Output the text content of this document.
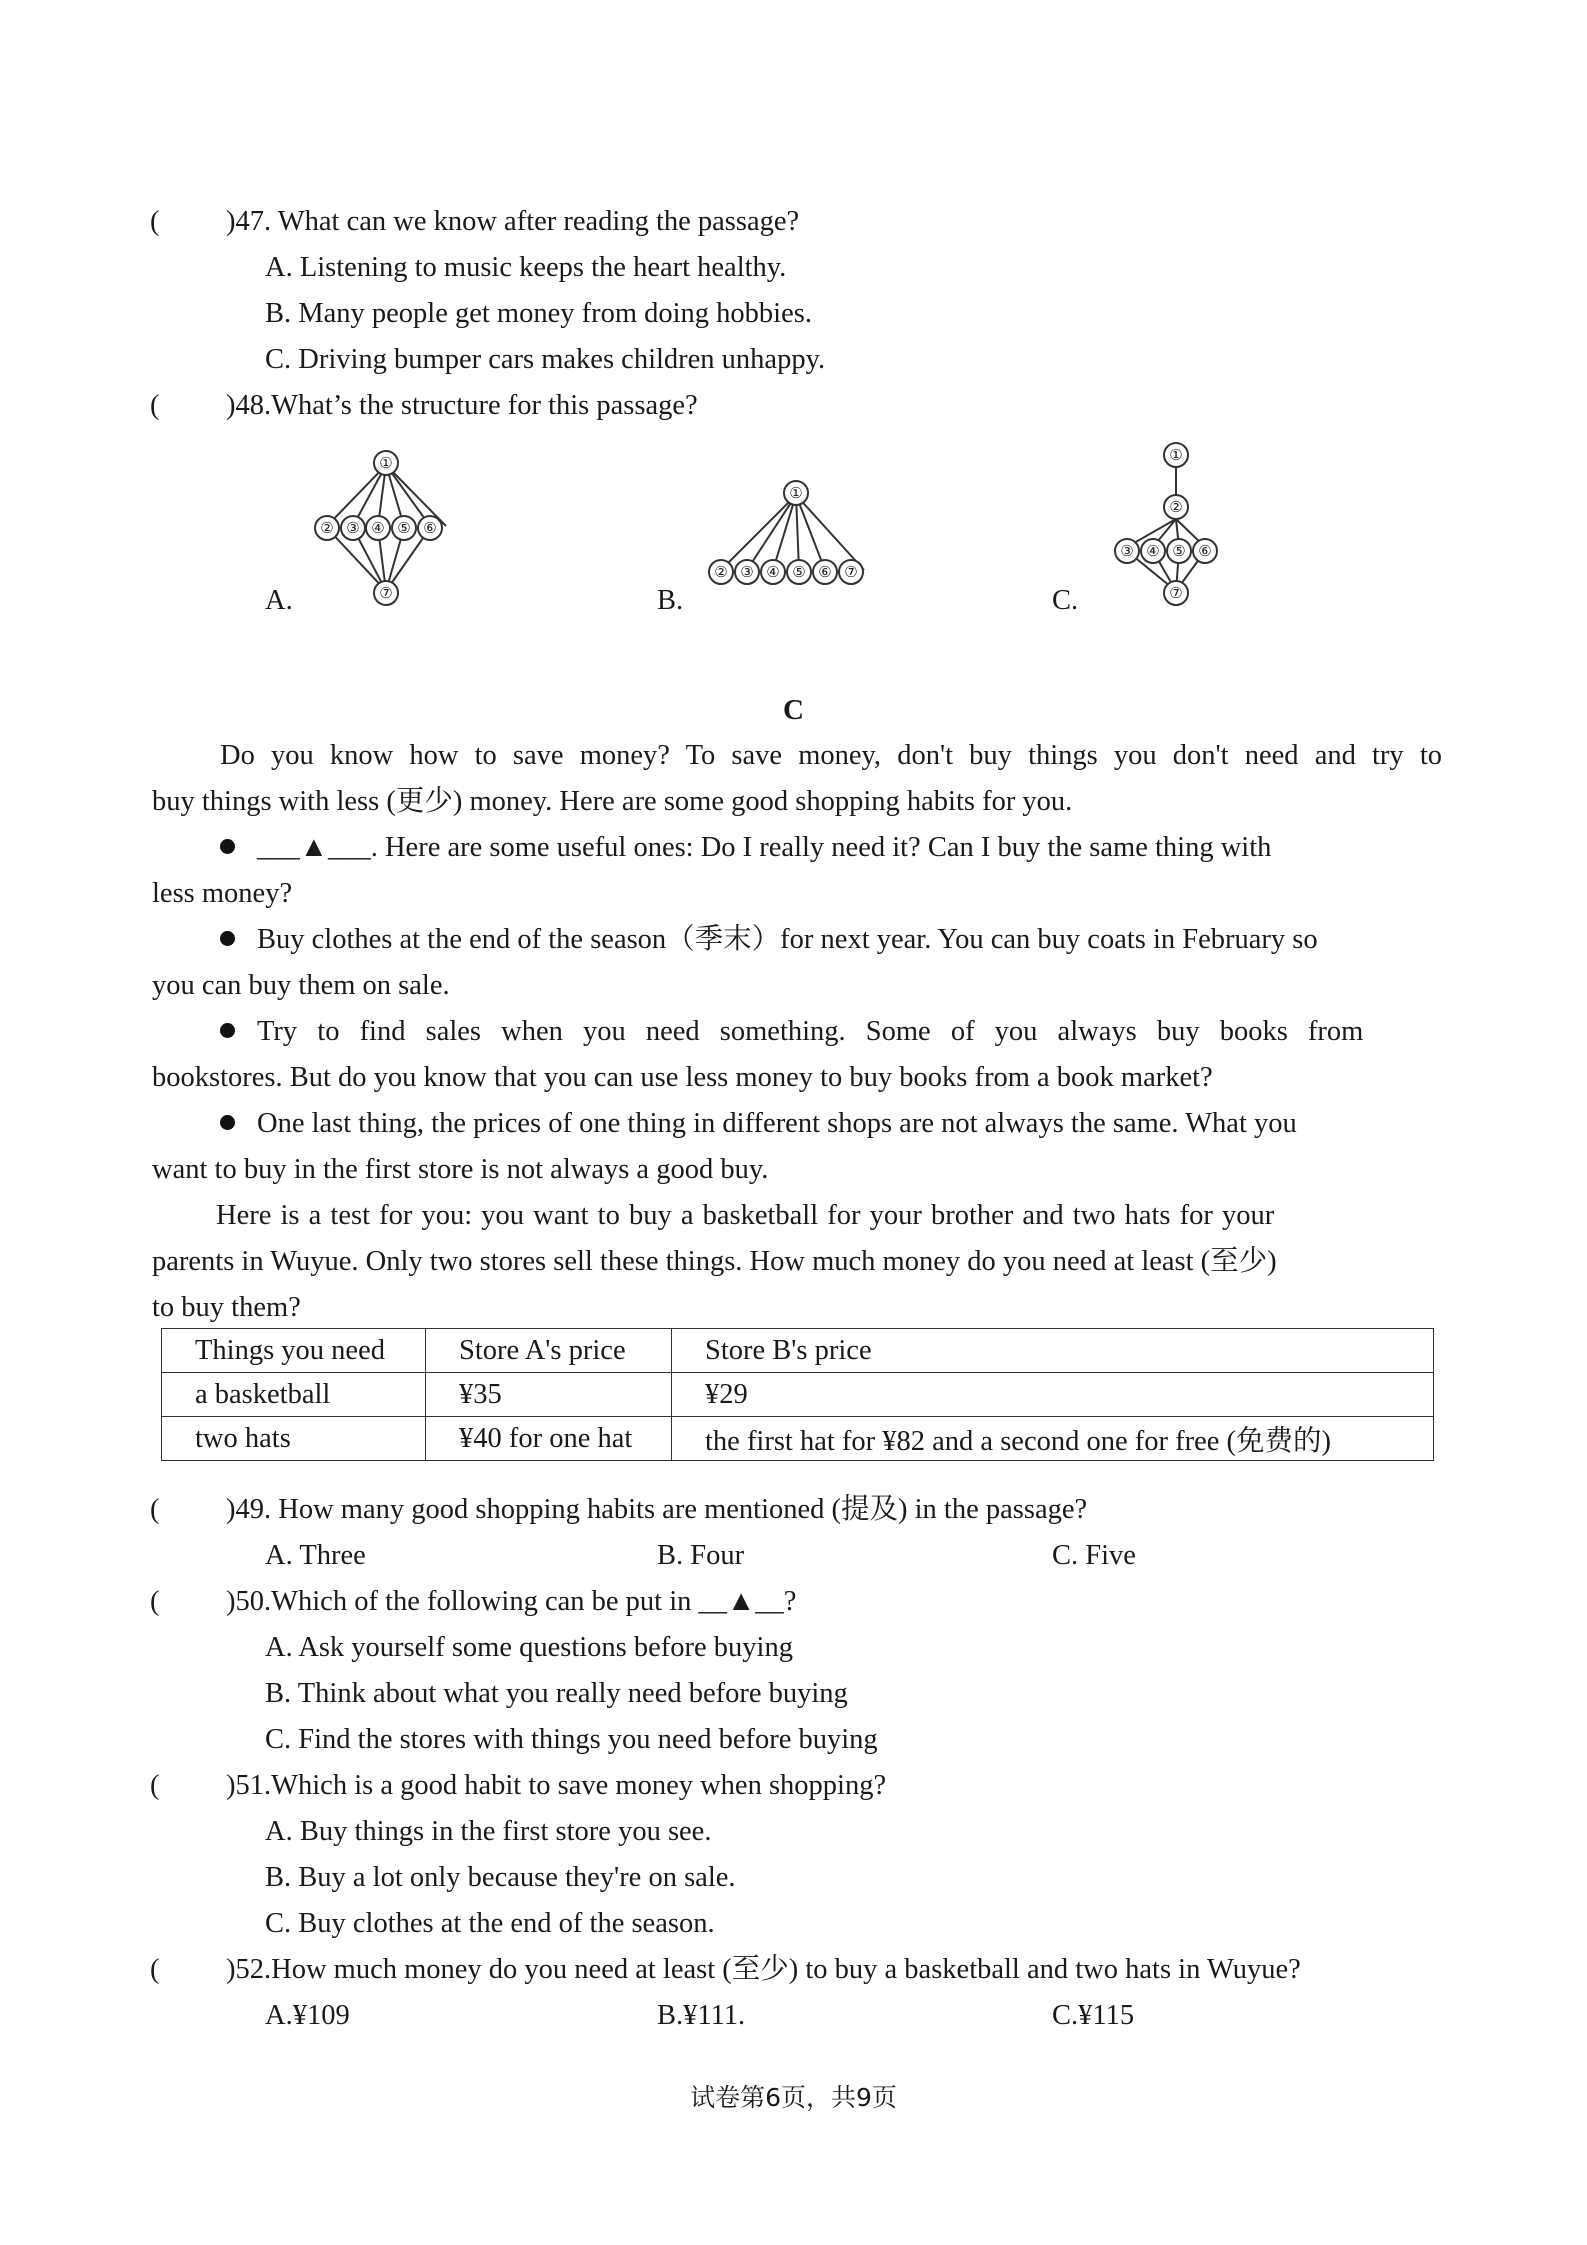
( )47. What can we know after reading the passage?
A. Listening to music keeps the heart healthy.
B. Many people get money from doing hobbies.
C. Driving bumper cars makes children unhappy.
( )48.What’s the structure for this passage?
A.	B.	C.
①
② ③ ④ ⑤ ⑥
⑦
①
② ③ ④ ⑤ ⑥ ⑦
①
②
③ ④ ⑤ ⑥
⑦
C
Do you know how to save money? To save money, don't buy things you don't need and try to
buy things with less (更少) money. Here are some good shopping habits for you.
___▲___. Here are some useful ones: Do I really need it? Can I buy the same thing with
less money?
Buy clothes at the end of the season（季末）for next year. You can buy coats in February so
you can buy them on sale.
Try to find sales when you need something. Some of you always buy books from
bookstores. But do you know that you can use less money to buy books from a book market?
One last thing, the prices of one thing in different shops are not always the same. What you
want to buy in the first store is not always a good buy.
Here is a test for you: you want to buy a basketball for your brother and two hats for your
parents in Wuyue. Only two stores sell these things. How much money do you need at least (至少)
to buy them?
Things you need	Store A's price	Store B's price
a basketball	¥35	¥29
two hats	¥40 for one hat	the first hat for ¥82 and a second one for free (免费的)
( )49. How many good shopping habits are mentioned (提及) in the passage?
A. Three	B. Four	C. Five
( )50.Which of the following can be put in __▲__?
A. Ask yourself some questions before buying
B. Think about what you really need before buying
C. Find the stores with things you need before buying
( )51.Which is a good habit to save money when shopping?
A. Buy things in the first store you see.
B. Buy a lot only because they're on sale.
C. Buy clothes at the end of the season.
( )52.How much money do you need at least (至少) to buy a basketball and two hats in Wuyue?
A.¥109	B.¥111.	C.¥115
试卷第6页，共9页
